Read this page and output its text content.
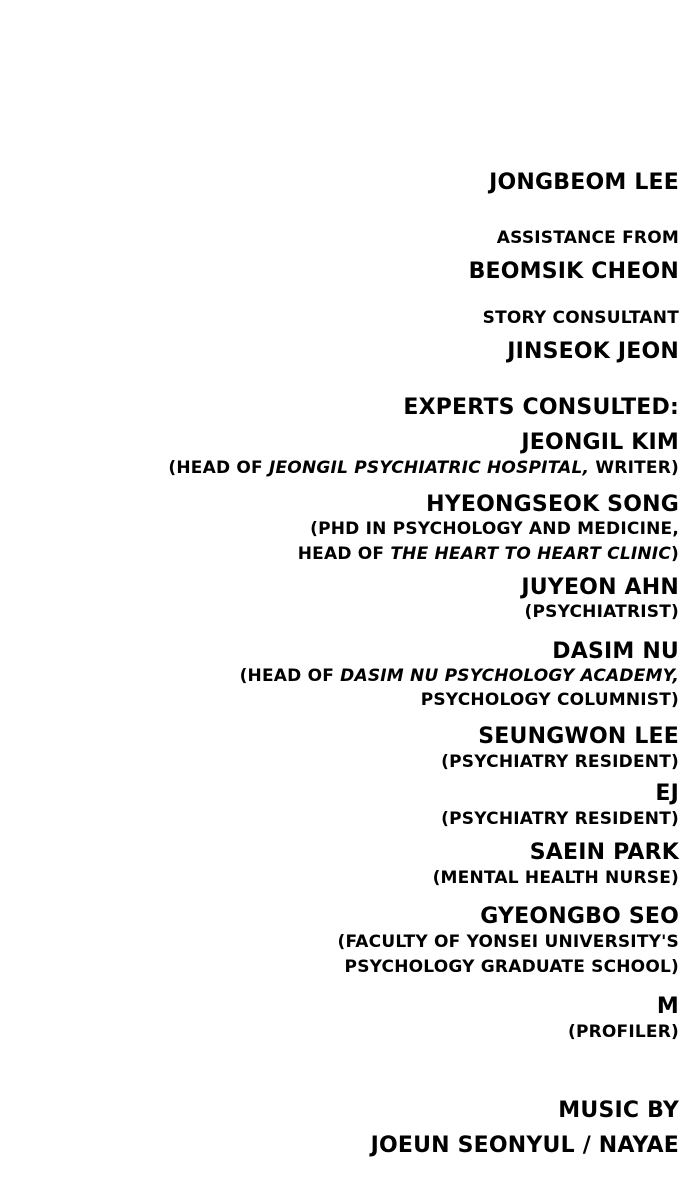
JONGBEOM LEE
ASSISTANCE FROM
BEOMSIK CHEON
STORY CONSULTANT
JINSEOK JEON
EXPERTS CONSULTED:
JEONGIL KIM
(HEAD OF JEONGIL PSYCHIATRIC HOSPITAL, WRITER)
HYEONGSEOK SONG
(PHD IN PSYCHOLOGY AND MEDICINE,
HEAD OF THE HEART TO HEART CLINIC)
JUYEON AHN
(PSYCHIATRIST)
DASIM NU
(HEAD OF DASIM NU PSYCHOLOGY ACADEMY,
PSYCHOLOGY COLUMNIST)
SEUNGWON LEE
(PSYCHIATRY RESIDENT)
EJ
(PSYCHIATRY RESIDENT)
SAEIN PARK
(MENTAL HEALTH NURSE)
GYEONGBO SEO
(FACULTY OF YONSEI UNIVERSITY'S
PSYCHOLOGY GRADUATE SCHOOL)
M
(PROFILER)
MUSIC BY
JOEUN SEONYUL / NAYAE
